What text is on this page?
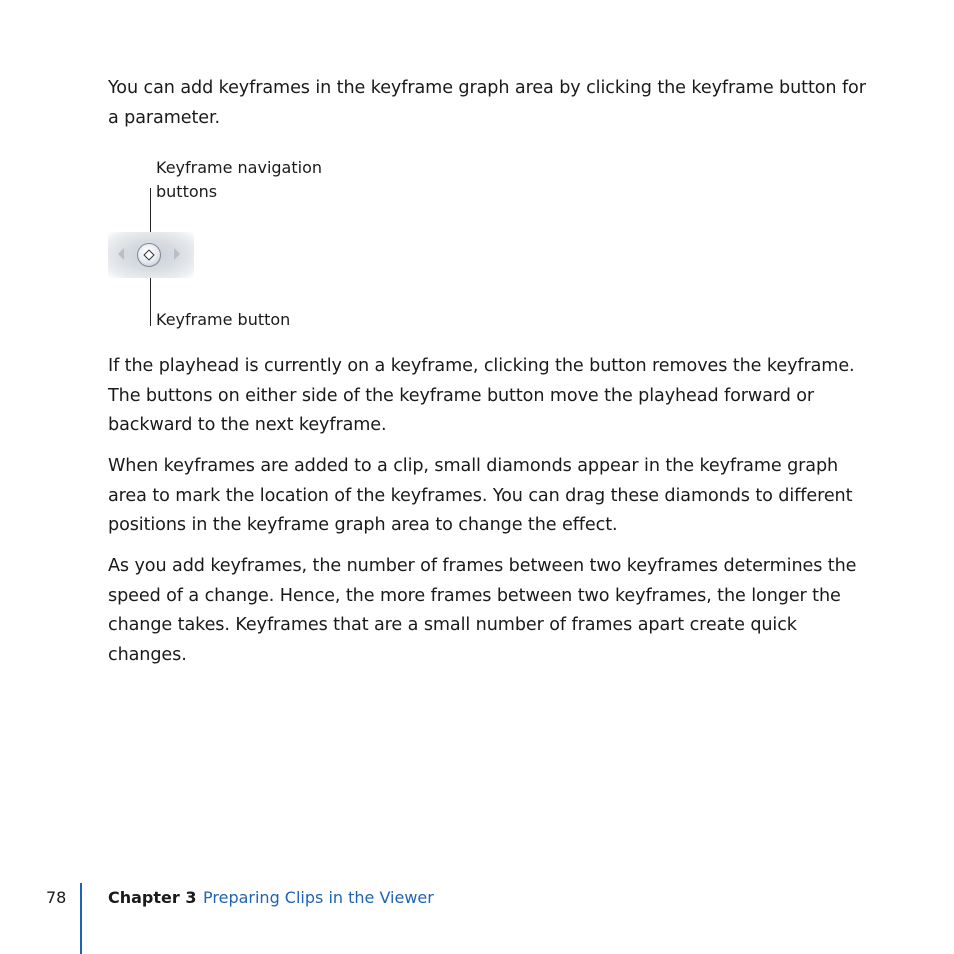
You can add keyframes in the keyframe graph area by clicking the keyframe button for a parameter.

Keyframe navigation buttons

Keyframe button

If the playhead is currently on a keyframe, clicking the button removes the keyframe. The buttons on either side of the keyframe button move the playhead forward or backward to the next keyframe.

When keyframes are added to a clip, small diamonds appear in the keyframe graph area to mark the location of the keyframes. You can drag these diamonds to different positions in the keyframe graph area to change the effect.

As you add keyframes, the number of frames between two keyframes determines the speed of a change. Hence, the more frames between two keyframes, the longer the change takes. Keyframes that are a small number of frames apart create quick changes.

78	Chapter 3 Preparing Clips in the Viewer
